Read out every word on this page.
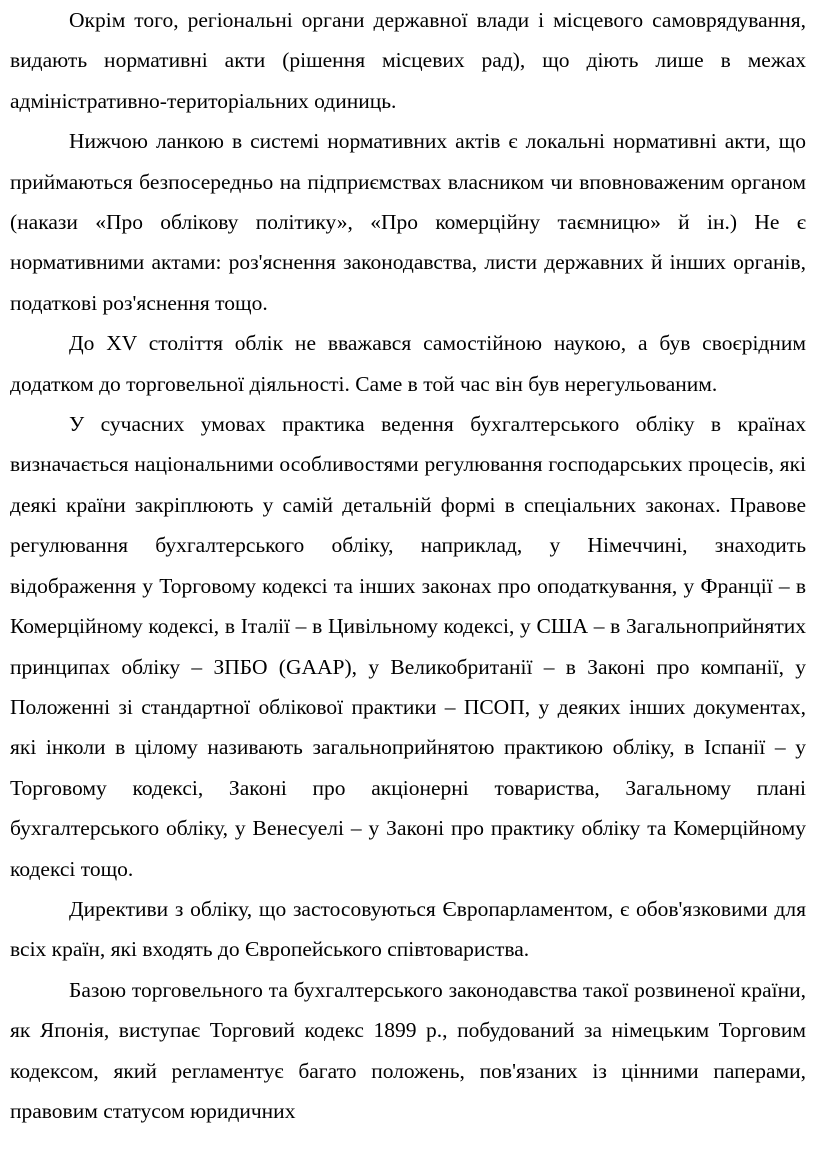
Окрім того, регіональні органи державної влади і місцевого самоврядування, видають нормативні акти (рішення місцевих рад), що діють лише в межах адміністративно-територіальних одиниць.

Нижчою ланкою в системі нормативних актів є локальні нормативні акти, що приймаються безпосередньо на підприємствах власником чи вповноваженим органом (накази «Про облікову політику», «Про комерційну таємницю» й ін.) Не є нормативними актами: роз'яснення законодавства, листи державних й інших органів, податкові роз'яснення тощо.

До XV століття облік не вважався самостійною наукою, а був своєрідним додатком до торговельної діяльності. Саме в той час він був нерегульованим.

У сучасних умовах практика ведення бухгалтерського обліку в країнах визначається національними особливостями регулювання господарських процесів, які деякі країни закріплюють у самій детальній формі в спеціальних законах. Правове регулювання бухгалтерського обліку, наприклад, у Німеччині, знаходить відображення у Торговому кодексі та інших законах про оподаткування, у Франції – в Комерційному кодексі, в Італії – в Цивільному кодексі, у США – в Загальноприйнятих принципах обліку – ЗПБО (GAAP), у Великобританії – в Законі про компанії, у Положенні зі стандартної облікової практики – ПСОП, у деяких інших документах, які інколи в цілому називають загальноприйнятою практикою обліку, в Іспанії – у Торговому кодексі, Законі про акціонерні товариства, Загальному плані бухгалтерського обліку, у Венесуелі – у Законі про практику обліку та Комерційному кодексі тощо.

Директиви з обліку, що застосовуються Європарламентом, є обов'язковими для всіх країн, які входять до Європейського співтовариства.

Базою торговельного та бухгалтерського законодавства такої розвиненої країни, як Японія, виступає Торговий кодекс 1899 р., побудований за німецьким Торговим кодексом, який регламентує багато положень, пов'язаних із цінними паперами, правовим статусом юридичних
